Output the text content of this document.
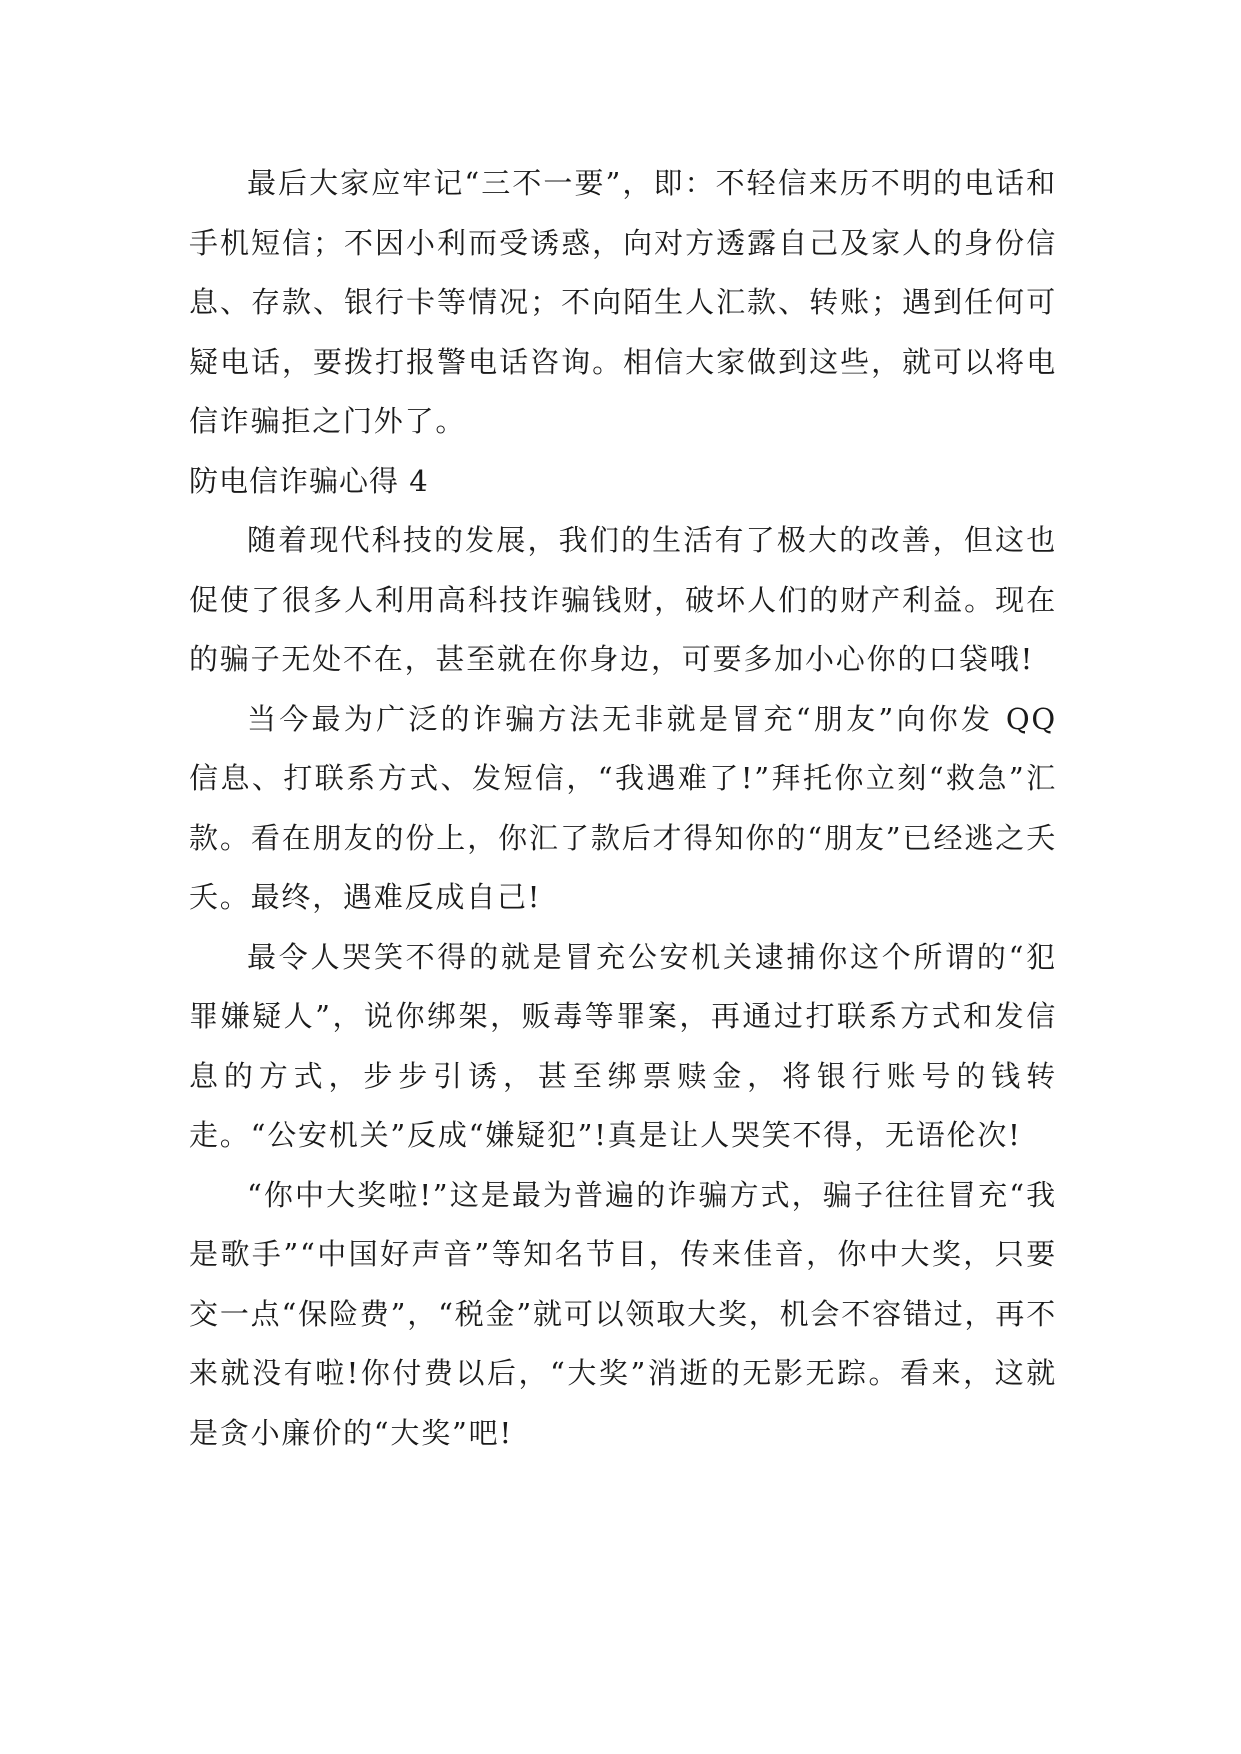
最后大家应牢记“三不一要”，即：不轻信来历不明的电话和手机短信；不因小利而受诱惑，向对方透露自己及家人的身份信息、存款、银行卡等情况；不向陌生人汇款、转账；遇到任何可疑电话，要拨打报警电话咨询。相信大家做到这些，就可以将电信诈骗拒之门外了。

防电信诈骗心得 4

随着现代科技的发展，我们的生活有了极大的改善，但这也促使了很多人利用高科技诈骗钱财，破坏人们的财产利益。现在的骗子无处不在，甚至就在你身边，可要多加小心你的口袋哦!

当今最为广泛的诈骗方法无非就是冒充“朋友”向你发 QQ 信息、打联系方式、发短信，“我遇难了!”拜托你立刻“救急”汇款。看在朋友的份上，你汇了款后才得知你的“朋友”已经逃之夭夭。最终，遇难反成自己!

最令人哭笑不得的就是冒充公安机关逮捕你这个所谓的“犯罪嫌疑人”，说你绑架，贩毒等罪案，再通过打联系方式和发信息的方式，步步引诱，甚至绑票赎金，将银行账号的钱转走。“公安机关”反成“嫌疑犯”!真是让人哭笑不得，无语伦次!

“你中大奖啦!”这是最为普遍的诈骗方式，骗子往往冒充“我是歌手”“中国好声音”等知名节目，传来佳音，你中大奖，只要交一点“保险费”，“税金”就可以领取大奖，机会不容错过，再不来就没有啦!你付费以后，“大奖”消逝的无影无踪。看来，这就是贪小廉价的“大奖”吧!
